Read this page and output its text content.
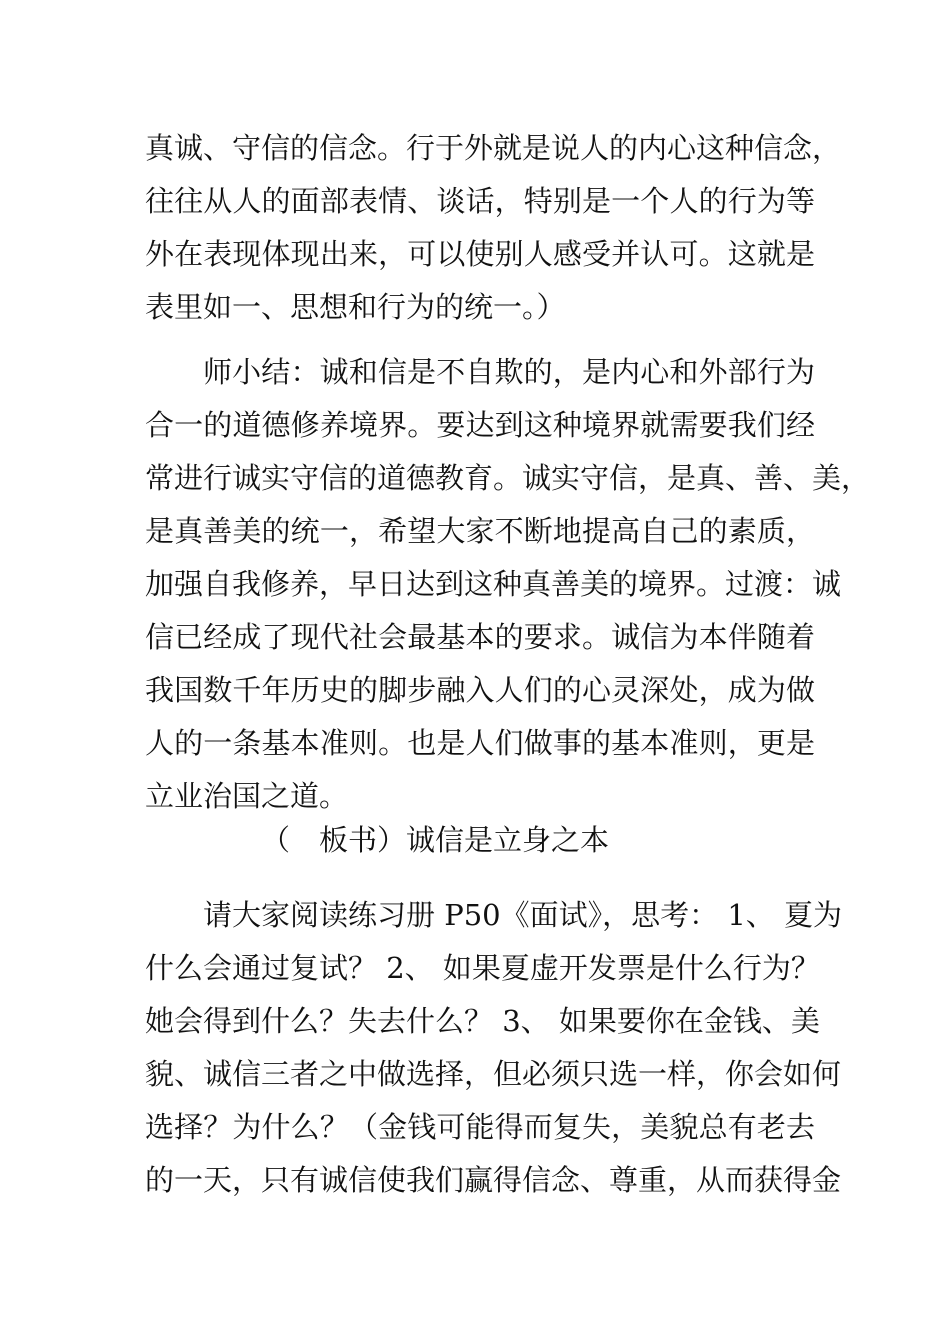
真诚、守信的信念。行于外就是说人的内心这种信念，
往往从人的面部表情、谈话，特别是一个人的行为等
外在表现体现出来，可以使别人感受并认可。这就是
表里如一、思想和行为的统一。）
师小结：诚和信是不自欺的，是内心和外部行为
合一的道德修养境界。要达到这种境界就需要我们经
常进行诚实守信的道德教育。诚实守信，是真、善、美，
是真善美的统一，希望大家不断地提高自己的素质，
加强自我修养，早日达到这种真善美的境界。过渡：诚
信已经成了现代社会最基本的要求。诚信为本伴随着
我国数千年历史的脚步融入人们的心灵深处，成为做
人的一条基本准则。也是人们做事的基本准则，更是
立业治国之道。
（　板书）诚信是立身之本
请大家阅读练习册 P50《面试》，思考： 1、 夏为
什么会通过复试？ 2、 如果夏虚开发票是什么行为？
她会得到什么？失去什么？ 3、 如果要你在金钱、美
貌、诚信三者之中做选择，但必须只选一样，你会如何
选择？为什么？（金钱可能得而复失，美貌总有老去
的一天，只有诚信使我们赢得信念、尊重，从而获得金
